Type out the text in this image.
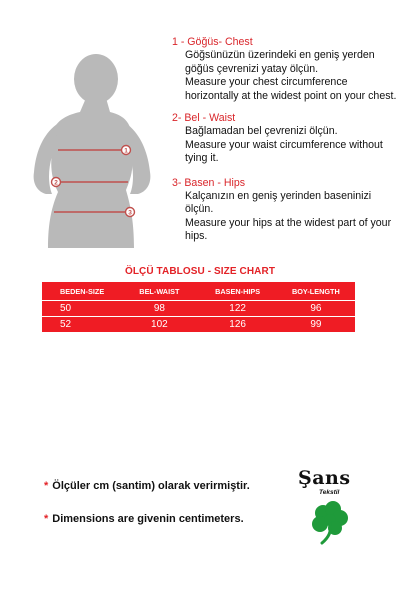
1
2
3

1 - Göğüs- Chest

Göğsünüzün üzerindeki en geniş yerden göğüs çevrenizi yatay ölçün.

Measure your chest circumference horizontally at the widest point on your chest.

2- Bel - Waist

Bağlamadan bel çevrenizi ölçün.

Measure your waist circumference without tying it.

3- Basen - Hips

Kalçanızın en geniş yerinden baseninizi ölçün.

Measure your hips at the widest part of your hips.

ÖLÇÜ TABLOSU - SIZE CHART
BEDEN-SIZE	BEL-WAIST	BASEN-HIPS	BOY-LENGTH
50	98	122	96
52	102	126	99
* Ölçüler cm (santim) olarak verirmiştir.
* Dimensions are givenin centimeters.
Şans
Tekstil
